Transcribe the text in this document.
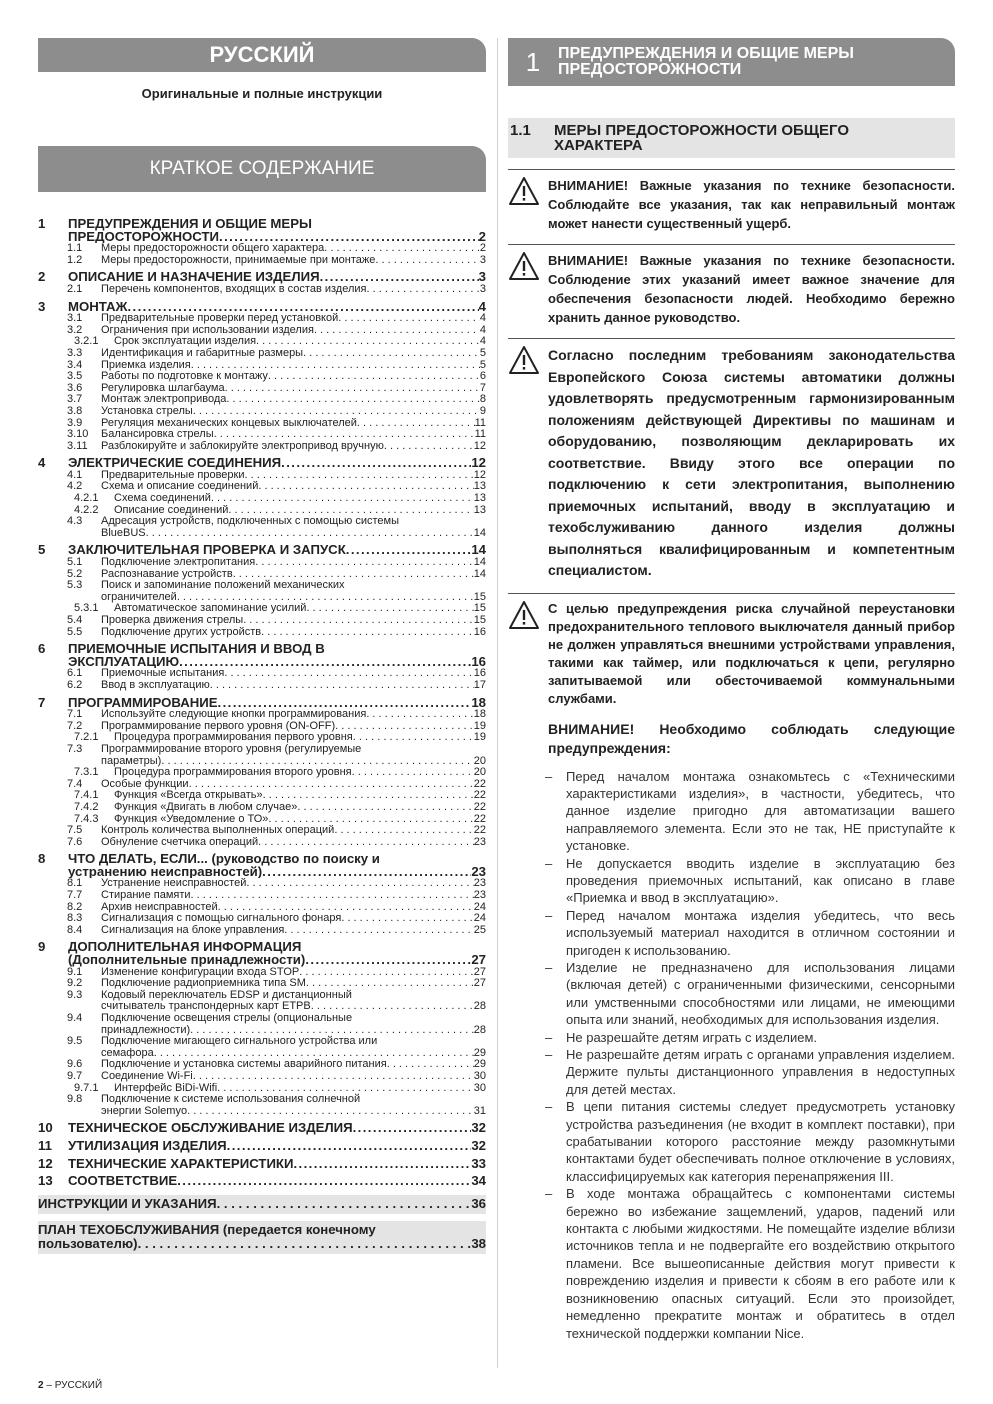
РУССКИЙ
Оригинальные и полные инструкции
КРАТКОЕ СОДЕРЖАНИЕ
1	ПРЕДУПРЕЖДЕНИЯ И ОБЩИЕ МЕРЫ
ПРЕДОСТОРОЖНОСТИ .....	2
1.1	Меры предосторожности общего характера . . .	2
1.2	Меры предосторожности, принимаемые при монтаже . . .	3
2	ОПИСАНИЕ И НАЗНАЧЕНИЕ ИЗДЕЛИЯ .....	3
2.1	Перечень компонентов, входящих в состав изделия . . .	3
3	МОНТАЖ .....	4
3.1	Предварительные проверки перед установкой . . .	4
3.2	Ограничения при использовании изделия . . .	4
3.2.1	Срок эксплуатации изделия . . .	4
3.3	Идентификация и габаритные размеры . . .	5
3.4	Приемка изделия . . .	5
3.5	Работы по подготовке к монтажу . . .	6
3.6	Регулировка шлагбаума . . .	7
3.7	Монтаж электропривода . . .	8
3.8	Установка стрелы . . .	9
3.9	Регуляция механических концевых выключателей . . .	11
3.10	Балансировка стрелы . . .	11
3.11	Разблокируйте и заблокируйте электропривод вручную . . .	12
4	ЭЛЕКТРИЧЕСКИЕ СОЕДИНЕНИЯ .....	12
4.1	Предварительные проверки . . .	12
4.2	Схема и описание соединений . . .	13
4.2.1	Схема соединений . . .	13
4.2.2	Описание соединений . . .	13
4.3	Адресация устройств, подключенных с помощью системы
BlueBUS . . .	14
5	ЗАКЛЮЧИТЕЛЬНАЯ ПРОВЕРКА И ЗАПУСК .....	14
5.1	Подключение электропитания . . .	14
5.2	Распознавание устройств . . .	14
5.3	Поиск и запоминание положений механических
ограничителей . . .	15
5.3.1	Автоматическое запоминание усилий . . .	15
5.4	Проверка движения стрелы . . .	15
5.5	Подключение других устройств . . .	16
6	ПРИЕМОЧНЫЕ ИСПЫТАНИЯ И ВВОД В
ЭКСПЛУАТАЦИЮ .....	16
6.1	Приемочные испытания . . .	16
6.2	Ввод в эксплуатацию . . .	17
7	ПРОГРАММИРОВАНИЕ .....	18
7.1	Используйте следующие кнопки программирования . . .	18
7.2	Программирование первого уровня (ON-OFF) . . .	19
7.2.1	Процедура программирования первого уровня . . .	19
7.3	Программирование второго уровня (регулируемые
параметры) . . .	20
7.3.1	Процедура программирования второго уровня . . .	20
7.4	Особые функции . . .	22
7.4.1	Функция «Всегда открывать» . . .	22
7.4.2	Функция «Двигать в любом случае» . . .	22
7.4.3	Функция «Уведомление о ТО» . . .	22
7.5	Контроль количества выполненных операций . . .	22
7.6	Обнуление счетчика операций . . .	23
8	ЧТО ДЕЛАТЬ, ЕСЛИ... (руководство по поиску и
устранению неисправностей) .....	23
8.1	Устранение неисправностей . . .	23
7.7	Стирание памяти . . .	23
8.2	Архив неисправностей . . .	24
8.3	Сигнализация с помощью сигнального фонаря . . .	24
8.4	Сигнализация на блоке управления . . .	25
9	ДОПОЛНИТЕЛЬНАЯ ИНФОРМАЦИЯ
(Дополнительные принадлежности) .....	27
9.1	Изменение конфигурации входа STOP . . .	27
9.2	Подключение радиоприемника типа SM . . .	27
9.3	Кодовый переключатель EDSP и дистанционный
считыватель транспондерных карт ETPB . . .	28
9.4	Подключение освещения стрелы (опциональные
принадлежности) . . .	28
9.5	Подключение мигающего сигнального устройства или
семафора . . .	29
9.6	Подключение и установка системы аварийного питания . . .	29
9.7	Соединение Wi-Fi . . .	30
9.7.1	Интерфейс BiDi-Wifi . . .	30
9.8	Подключение к системе использования солнечной
энергии Solemyo . . .	31
10	ТЕХНИЧЕСКОЕ ОБСЛУЖИВАНИЕ ИЗДЕЛИЯ .....	32
11	УТИЛИЗАЦИЯ ИЗДЕЛИЯ .....	32
12	ТЕХНИЧЕСКИЕ ХАРАКТЕРИСТИКИ .....	33
13	СООТВЕТСТВИЕ .....	34
ИНСТРУКЦИИ И УКАЗАНИЯ . . .	36
ПЛАН ТЕХОБСЛУЖИВАНИЯ (передается конечному
пользователю) . . .	38
2 – РУССКИЙ
1	ПРЕДУПРЕЖДЕНИЯ И ОБЩИЕ МЕРЫ
ПРЕДОСТОРОЖНОСТИ
1.1	МЕРЫ ПРЕДОСТОРОЖНОСТИ ОБЩЕГО
ХАРАКТЕРА
ВНИМАНИЕ! Важные указания по технике безопасности. Соблюдайте все указания, так как неправильный монтаж может нанести существенный ущерб.
ВНИМАНИЕ! Важные указания по технике безопасности. Соблюдение этих указаний имеет важное значение для обеспечения безопасности людей. Необходимо бережно хранить данное руководство.
Согласно последним требованиям законодательства Европейского Союза системы автоматики должны удовлетворять предусмотренным гармонизированным положениям действующей Директивы по машинам и оборудованию, позволяющим декларировать их соответствие. Ввиду этого все операции по подключению к сети электропитания, выполнению приемочных испытаний, вводу в эксплуатацию и техобслуживанию данного изделия должны выполняться квалифицированным и компетентным специалистом.
С целью предупреждения риска случайной переустановки предохранительного теплового выключателя данный прибор не должен управляться внешними устройствами управления, такими как таймер, или подключаться к цепи, регулярно запитываемой или обесточиваемой коммунальными службами.
ВНИМАНИЕ! Необходимо соблюдать следующие предупреждения:
–	Перед началом монтажа ознакомьтесь с «Техническими характеристиками изделия», в частности, убедитесь, что данное изделие пригодно для автоматизации вашего направляемого элемента. Если это не так, НЕ приступайте к установке.
–	Не допускается вводить изделие в эксплуатацию без проведения приемочных испытаний, как описано в главе «Приемка и ввод в эксплуатацию».
–	Перед началом монтажа изделия убедитесь, что весь используемый материал находится в отличном состоянии и пригоден к использованию.
–	Изделие не предназначено для использования лицами (включая детей) с ограниченными физическими, сенсорными или умственными способностями или лицами, не имеющими опыта или знаний, необходимых для использования изделия.
–	Не разрешайте детям играть с изделием.
–	Не разрешайте детям играть с органами управления изделием. Держите пульты дистанционного управления в недоступных для детей местах.
–	В цепи питания системы следует предусмотреть установку устройства разъединения (не входит в комплект поставки), при срабатывании которого расстояние между разомкнутыми контактами будет обеспечивать полное отключение в условиях, классифицируемых как категория перенапряжения III.
–	В ходе монтажа обращайтесь с компонентами системы бережно во избежание защемлений, ударов, падений или контакта с любыми жидкостями. Не помещайте изделие вблизи источников тепла и не подвергайте его воздействию открытого пламени. Все вышеописанные действия могут привести к повреждению изделия и привести к сбоям в его работе или к возникновению опасных ситуаций. Если это произойдет, немедленно прекратите монтаж и обратитесь в отдел технической поддержки компании Nice.
